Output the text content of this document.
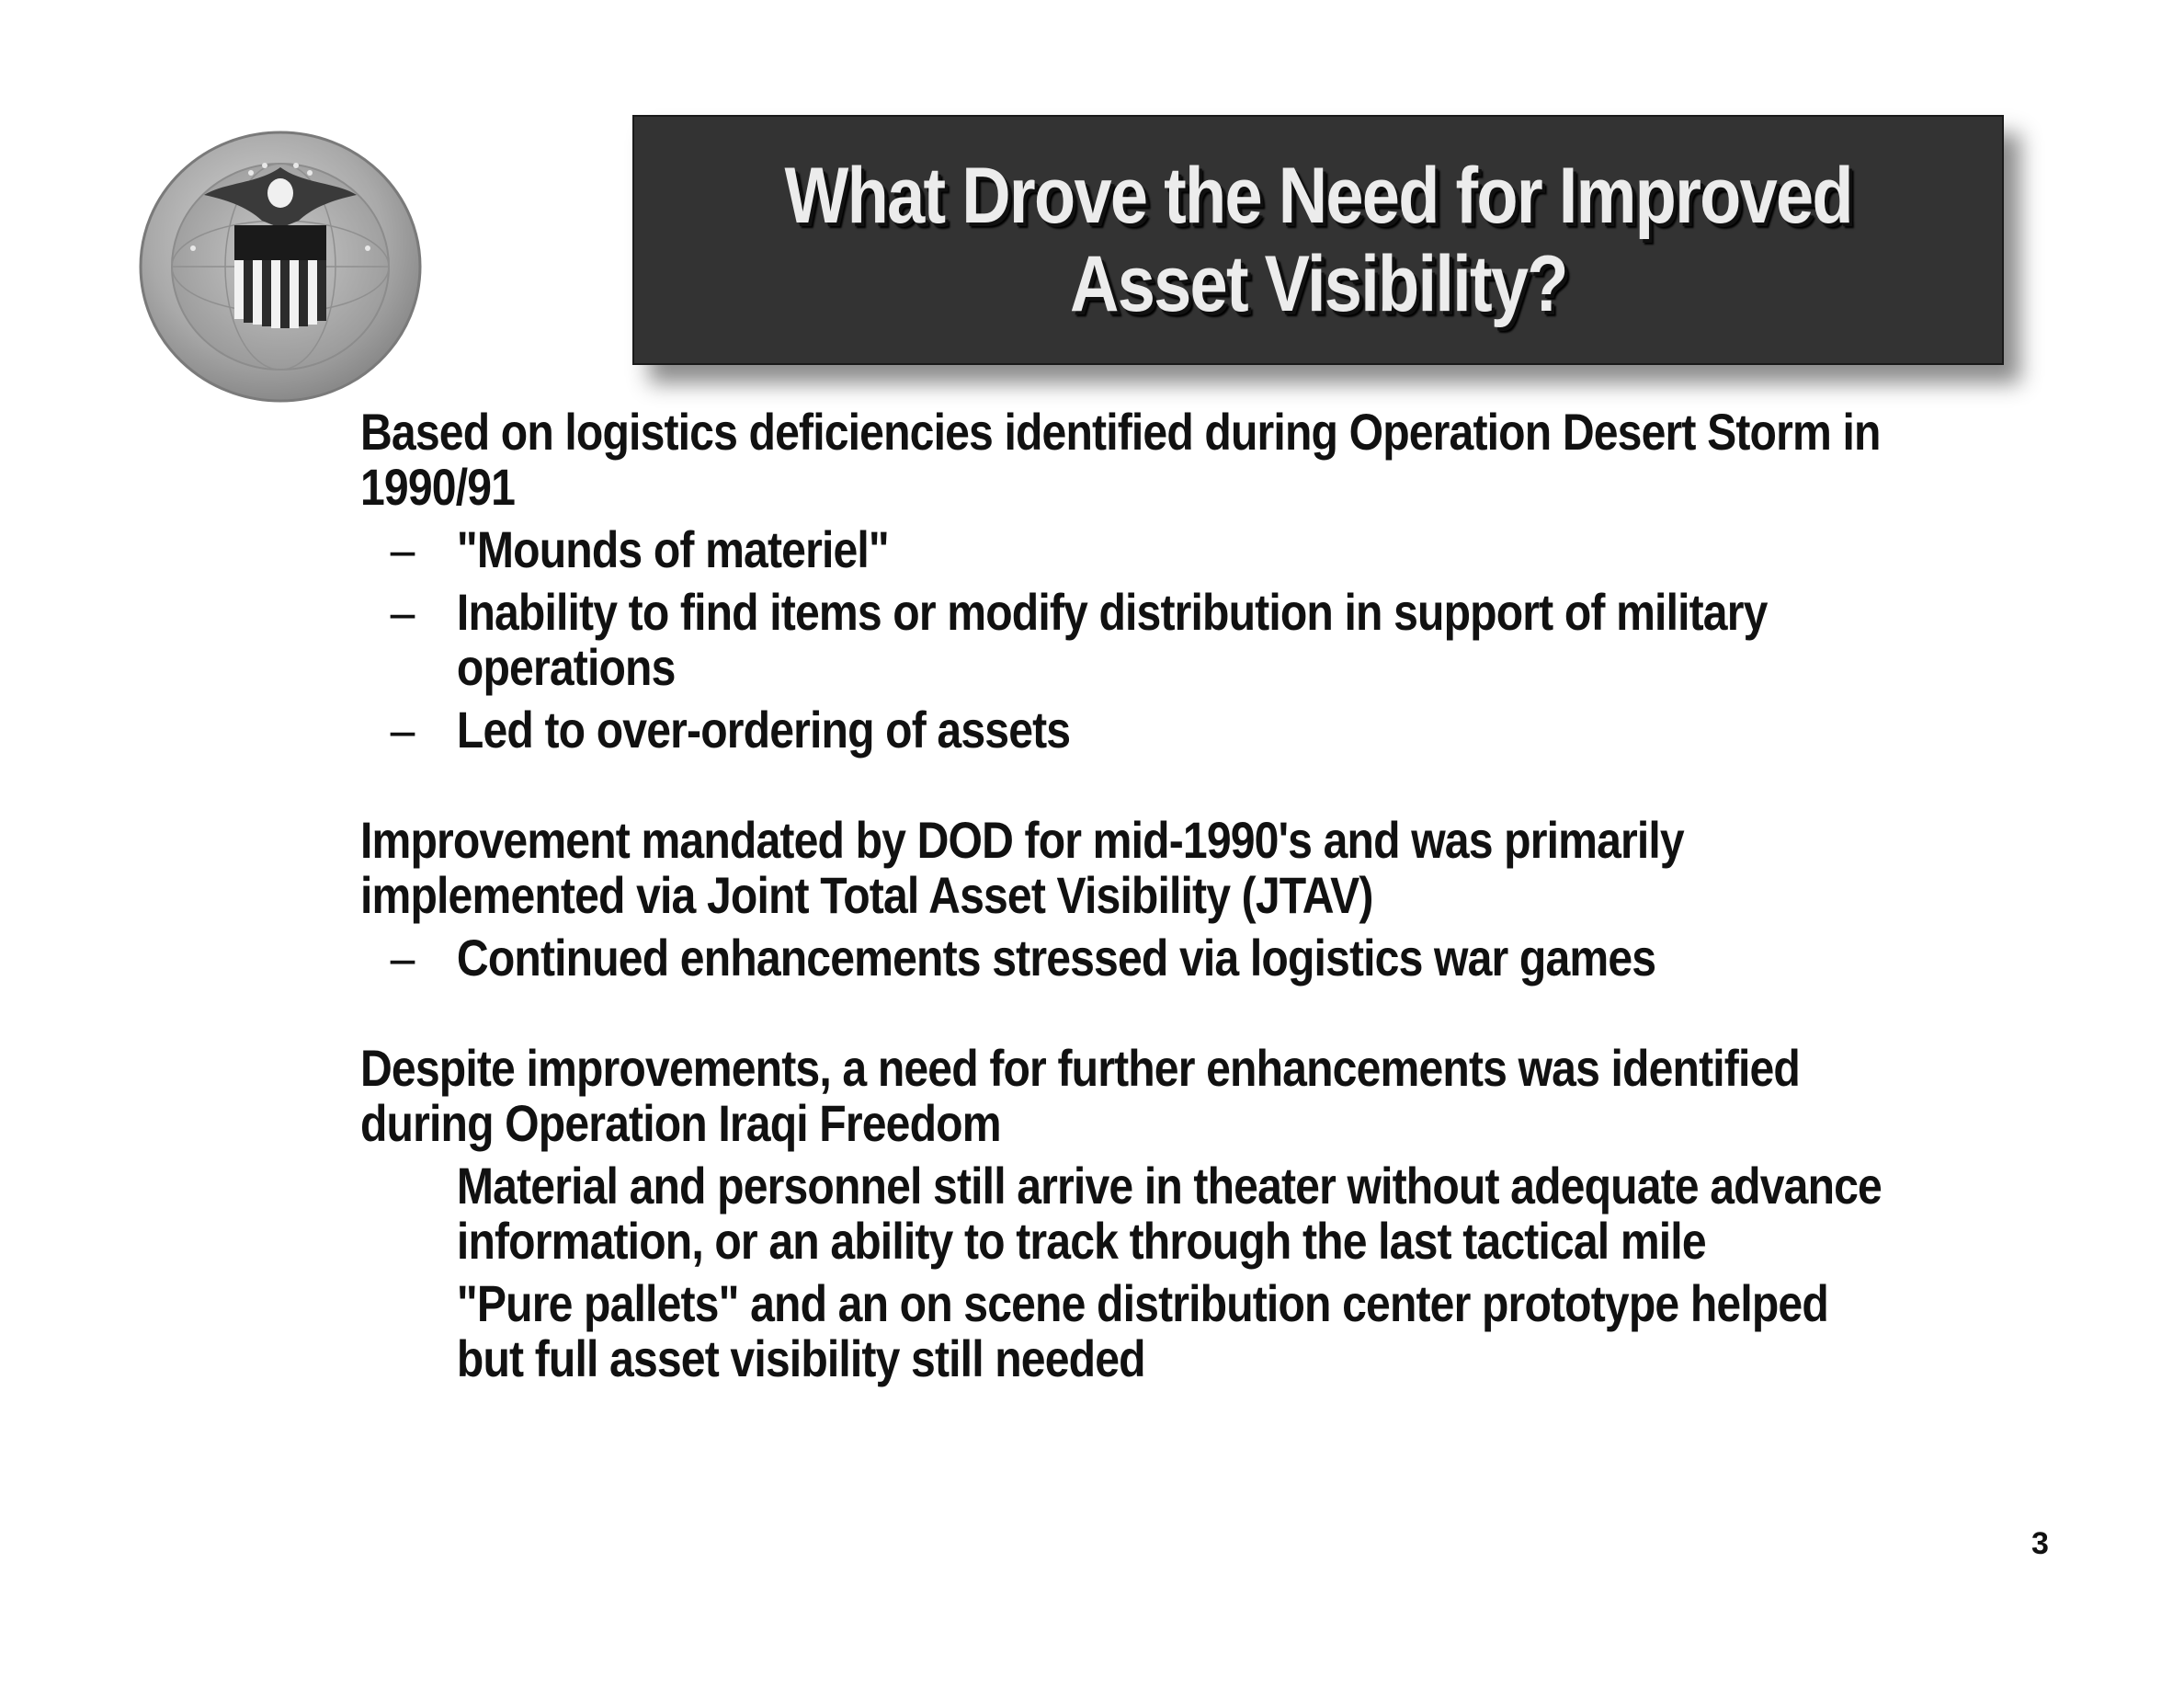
What Drove the Need for Improved
Asset Visibility?
Based on logistics deficiencies identified during Operation Desert Storm in
1990/91
– "Mounds of materiel"
– Inability to find items or modify distribution in support of military
operations
– Led to over-ordering of assets
Improvement mandated by DOD for mid-1990's and was primarily
implemented via Joint Total Asset Visibility (JTAV)
– Continued enhancements stressed via logistics war games
Despite improvements, a need for further enhancements was identified
during Operation Iraqi Freedom
Material and personnel still arrive in theater without adequate advance
information, or an ability to track through the last tactical mile
"Pure pallets" and an on scene distribution center prototype helped
but full asset visibility still needed
3
